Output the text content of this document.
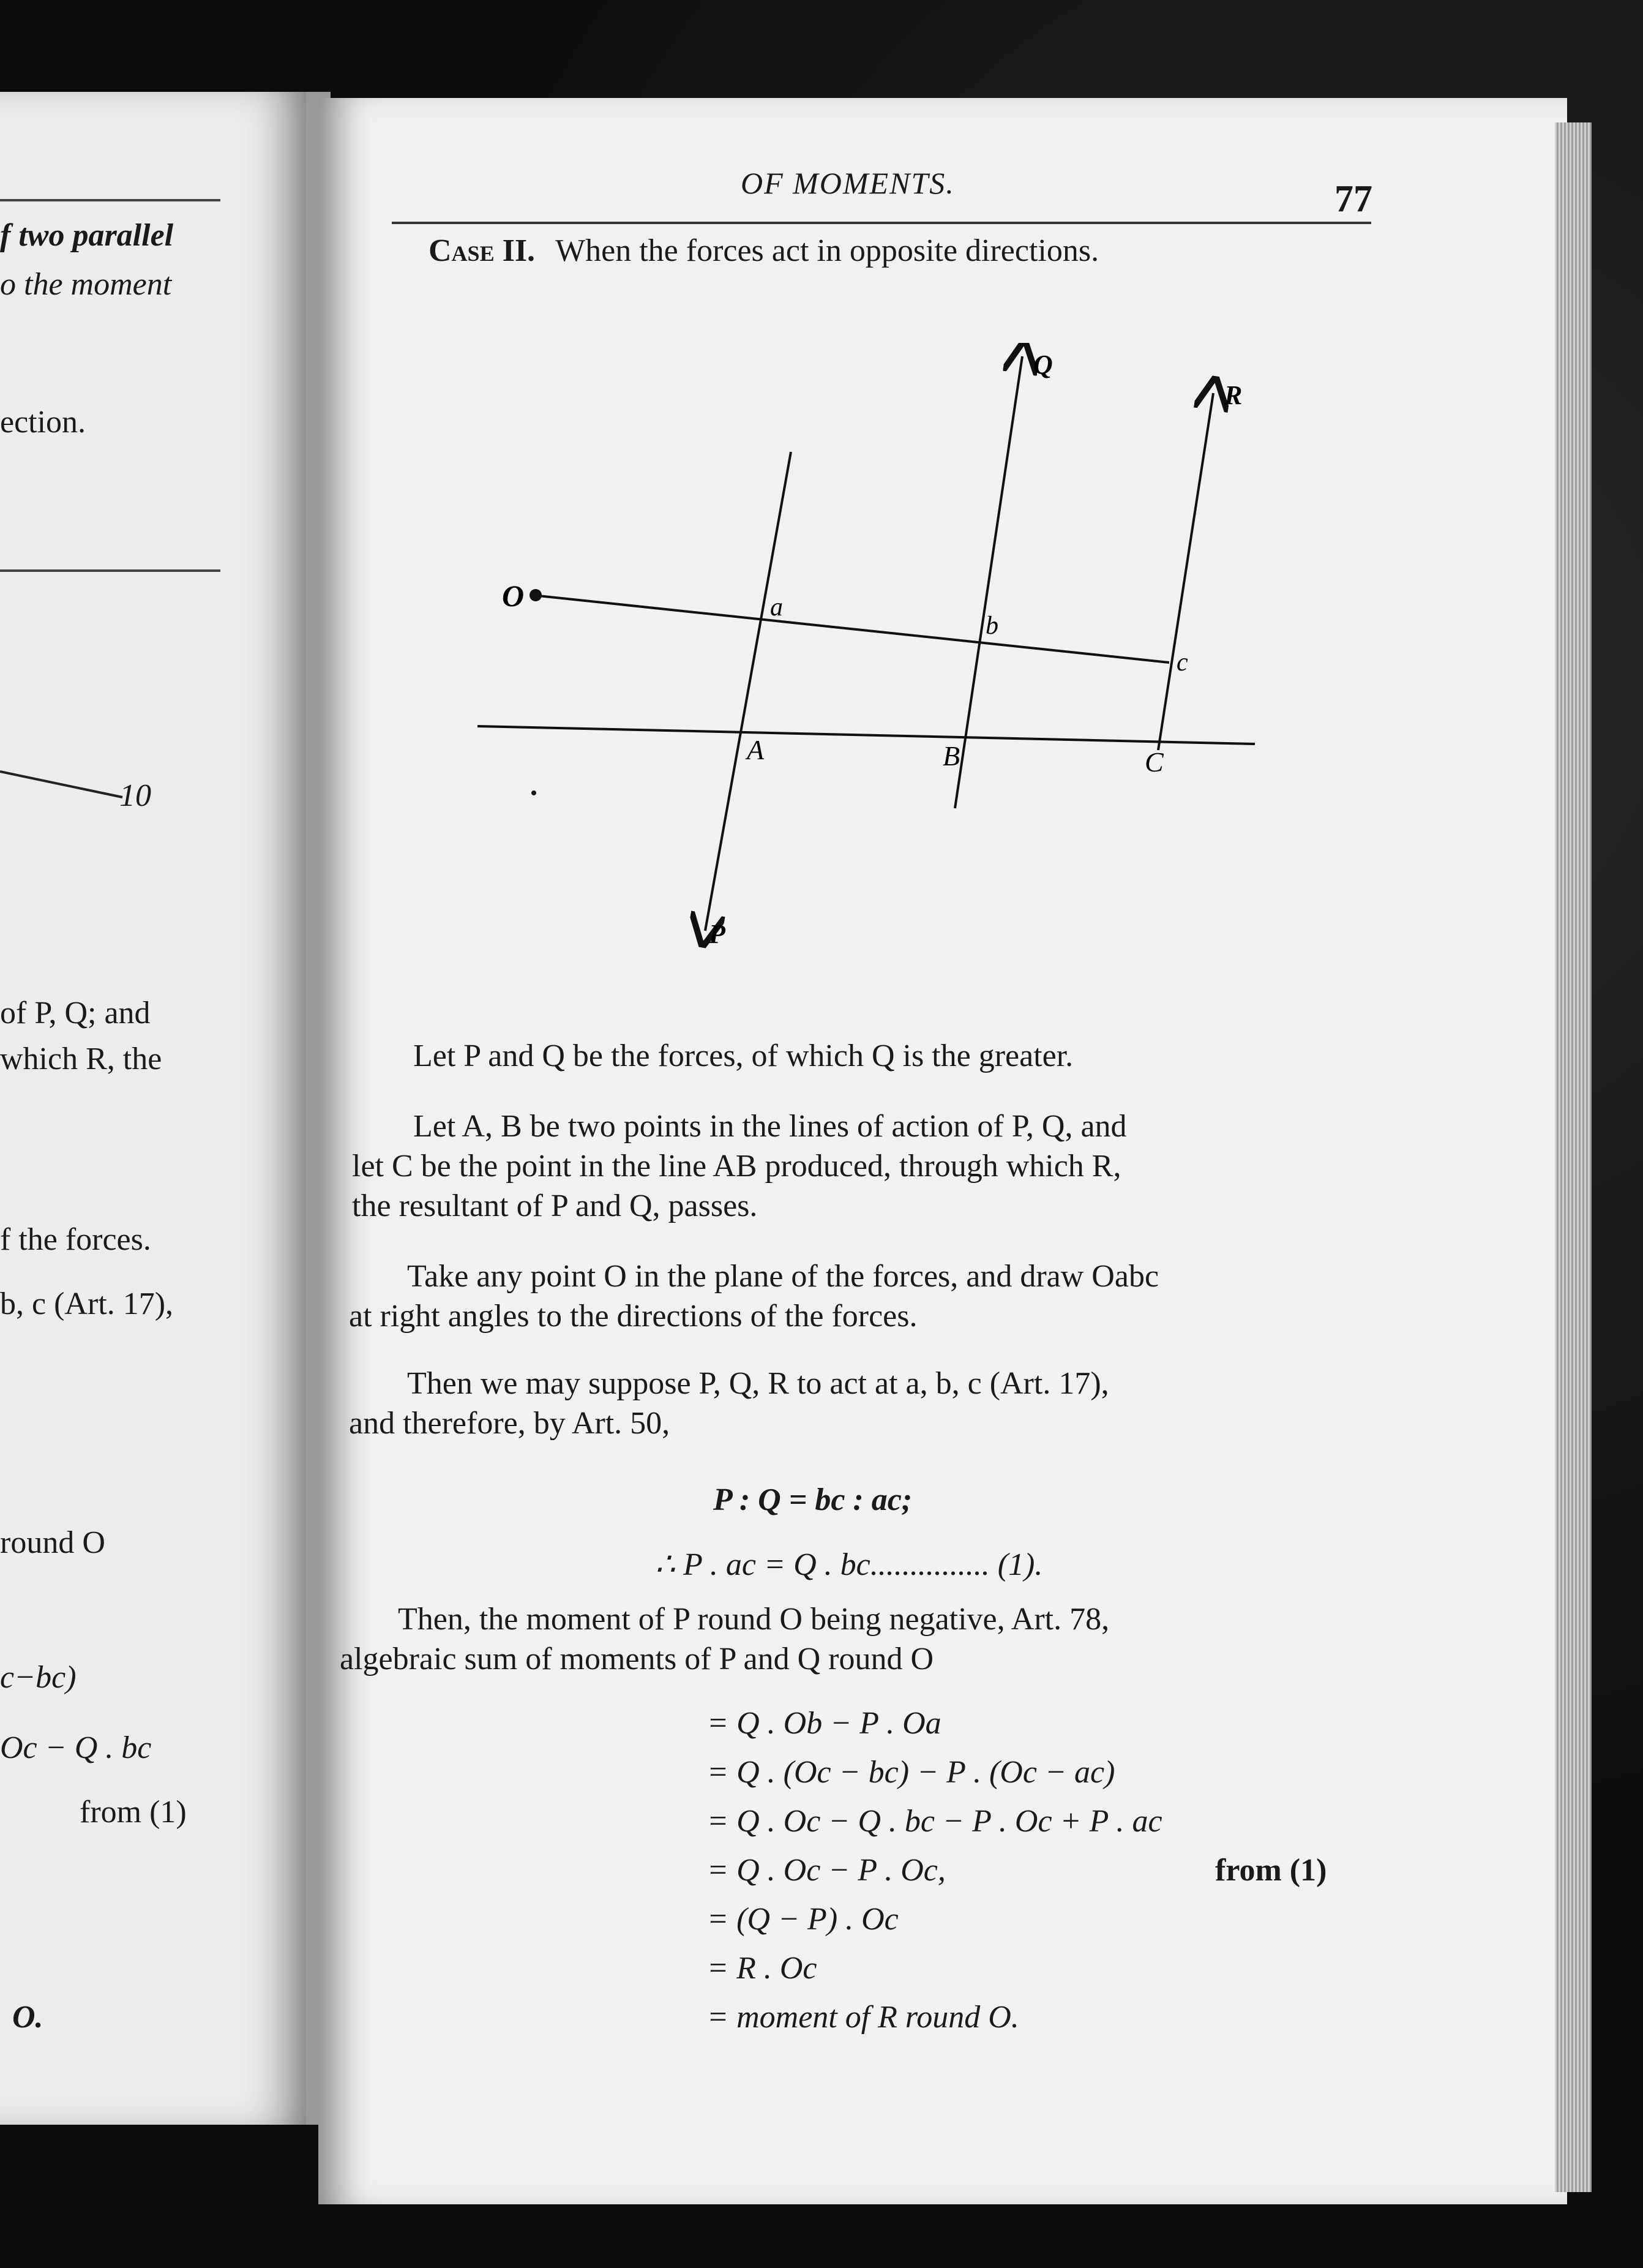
f two parallel
o the moment
ection.
10
of P, Q; and
which R, the
f the forces.
b, c (Art. 17),
round O
c−bc)
Oc − Q . bc
from (1)
O.
OF MOMENTS.	77
Case II. When the forces act in opposite directions.
O	a
b
c
A	B	C
P
Q
R
Let P and Q be the forces, of which Q is the greater.
Let A, B be two points in the lines of action of P, Q, and
let C be the point in the line AB produced, through which R,
the resultant of P and Q, passes.
Take any point O in the plane of the forces, and draw Oabc
at right angles to the directions of the forces.
Then we may suppose P, Q, R to act at a, b, c (Art. 17),
and therefore, by Art. 50,
P : Q = bc : ac;
∴ P . ac = Q . bc............... (1).
Then, the moment of P round O being negative, Art. 78,
algebraic sum of moments of P and Q round O
= Q . Ob − P . Oa
= Q . (Oc − bc) − P . (Oc − ac)
= Q . Oc − Q . bc − P . Oc + P . ac
= Q . Oc − P . Oc,	from (1)
= (Q − P) . Oc
= R . Oc
= moment of R round O.
